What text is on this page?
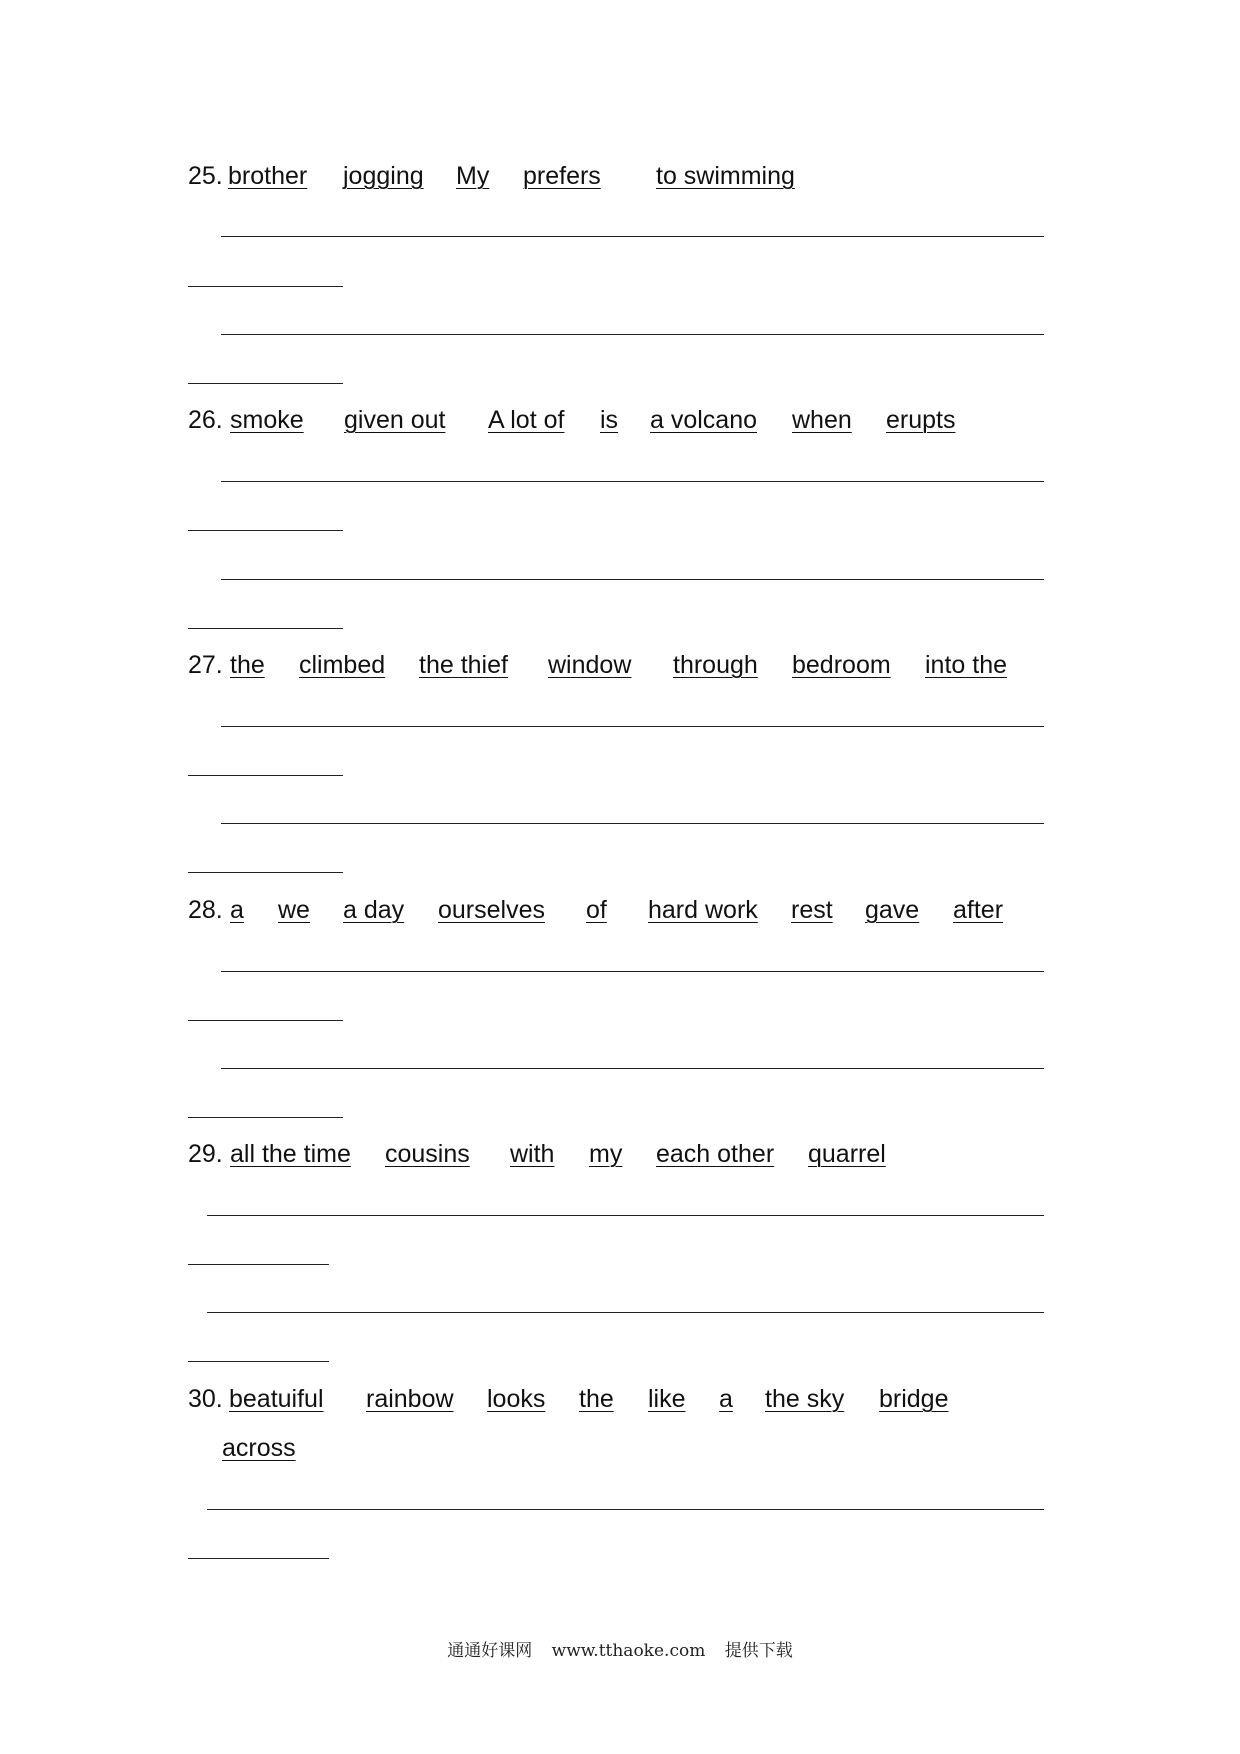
25. brother jogging My prefers to swimming
26. smoke given out A lot of is a volcano when erupts
27. the climbed the thief window through bedroom into the
28. a we a day ourselves of hard work rest gave after
29. all the time cousins with my each other quarrel
30. beatuiful rainbow looks the like a the sky bridge
across
通通好课网 www.tthaoke.com 提供下载
